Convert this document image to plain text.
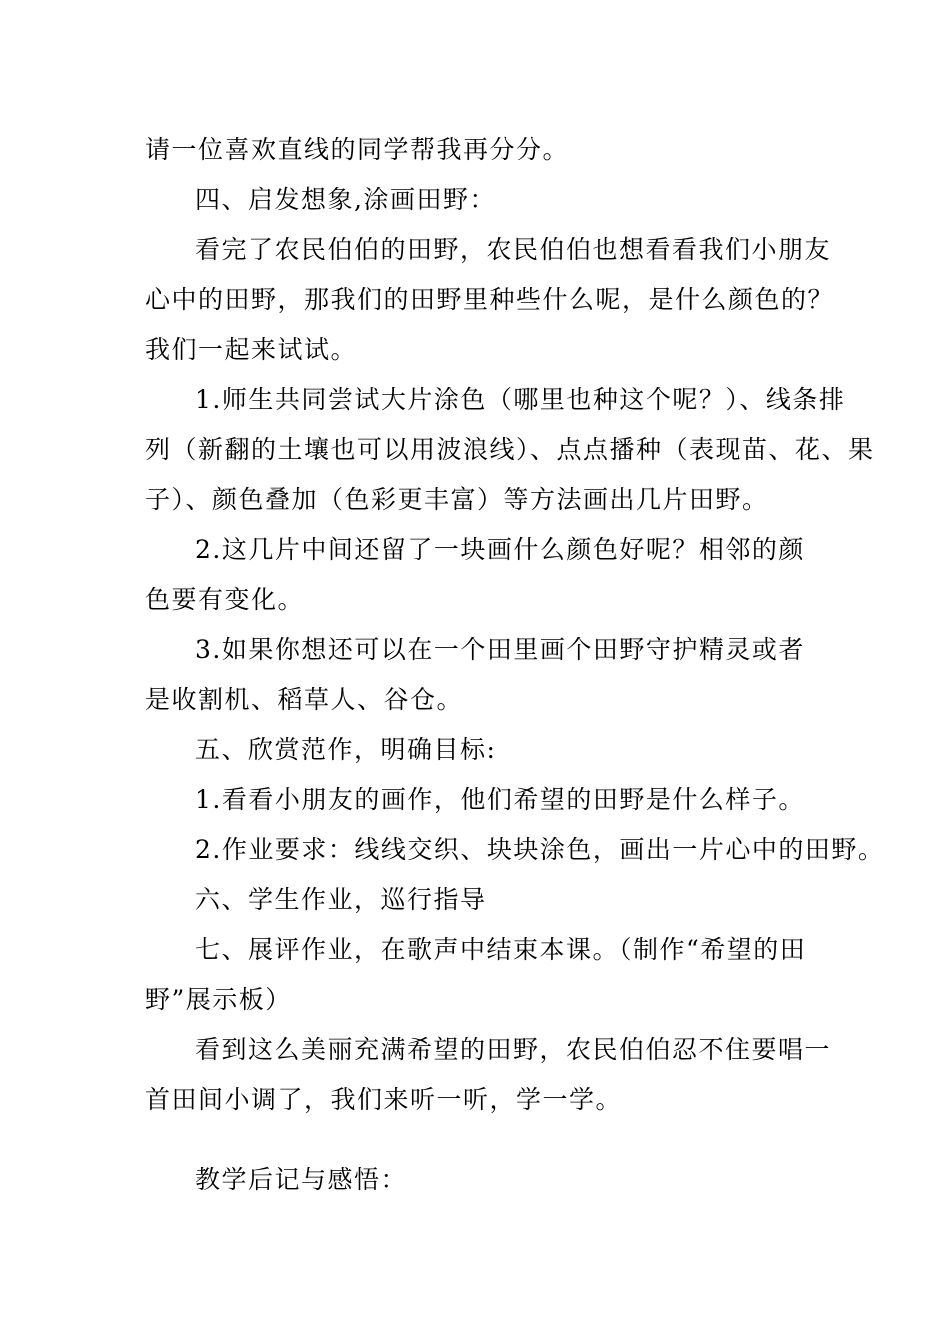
请一位喜欢直线的同学帮我再分分。
四、启发想象,涂画田野：
看完了农民伯伯的田野，农民伯伯也想看看我们小朋友
心中的田野，那我们的田野里种些什么呢，是什么颜色的？
我们一起来试试。
1.师生共同尝试大片涂色（哪里也种这个呢？）、线条排
列（新翻的土壤也可以用波浪线）、点点播种（表现苗、花、果
子）、颜色叠加（色彩更丰富）等方法画出几片田野。
2.这几片中间还留了一块画什么颜色好呢？相邻的颜
色要有变化。
3.如果你想还可以在一个田里画个田野守护精灵或者
是收割机、稻草人、谷仓。
五、欣赏范作，明确目标:
1.看看小朋友的画作，他们希望的田野是什么样子。
2.作业要求：线线交织、块块涂色，画出一片心中的田野。
六、学生作业，巡行指导
七、展评作业，在歌声中结束本课。（制作“希望的田
野”展示板）
看到这么美丽充满希望的田野，农民伯伯忍不住要唱一
首田间小调了，我们来听一听，学一学。
教学后记与感悟：
